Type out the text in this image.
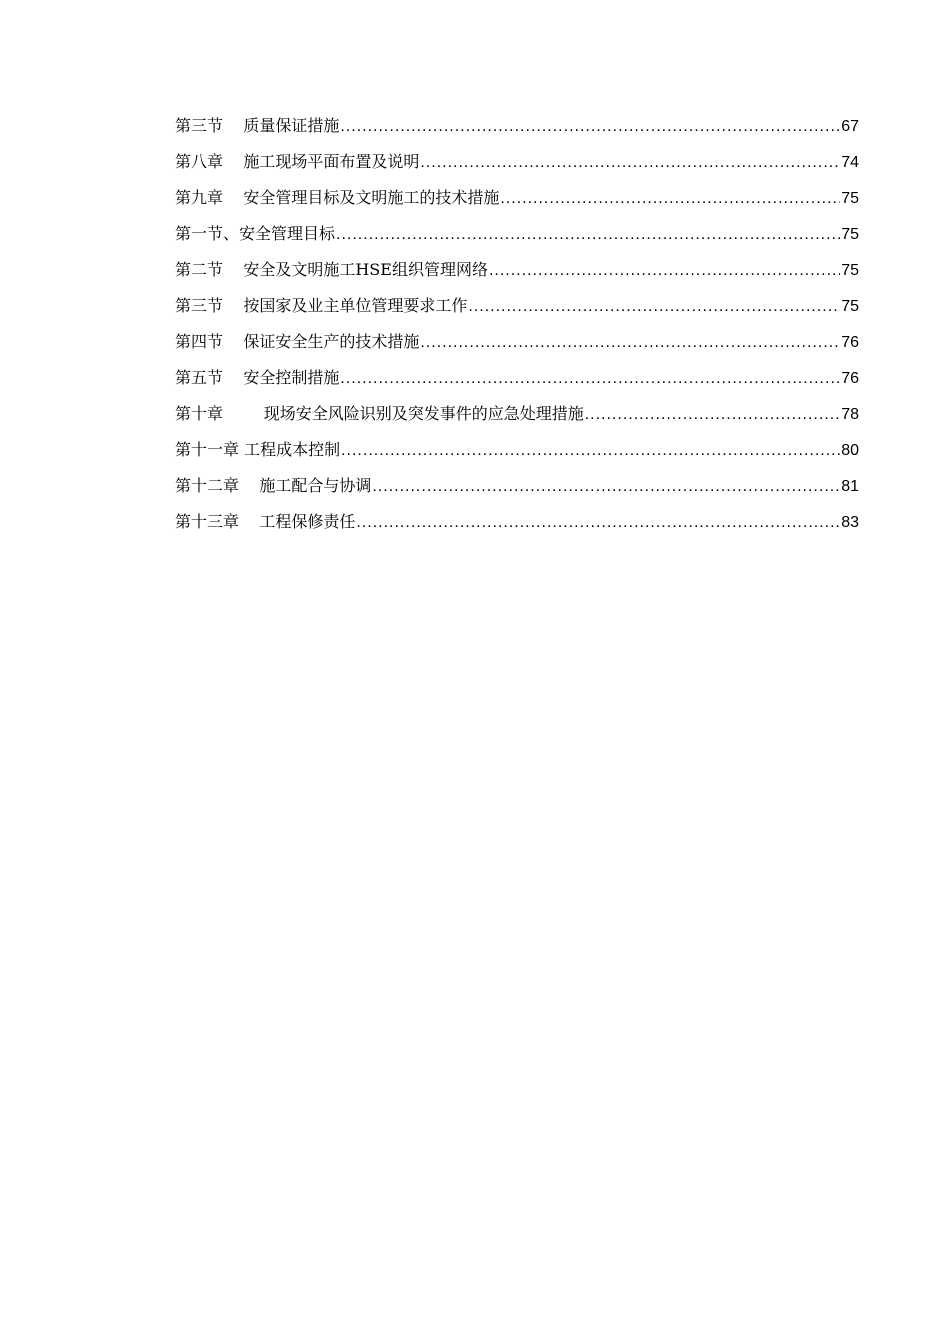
第三节    质量保证措施 .....	67
第八章    施工现场平面布置及说明 .....	74
第九章    安全管理目标及文明施工的技术措施 .....	75
第一节、安全管理目标 .....	75
第二节    安全及文明施工HSE组织管理网络 .....	75
第三节    按国家及业主单位管理要求工作 .....	75
第四节    保证安全生产的技术措施 .....	76
第五节    安全控制措施 .....	76
第十章        现场安全风险识别及突发事件的应急处理措施 .....	78
第十一章 工程成本控制 .....	80
第十二章    施工配合与协调 .....	81
第十三章    工程保修责任 .....	83
